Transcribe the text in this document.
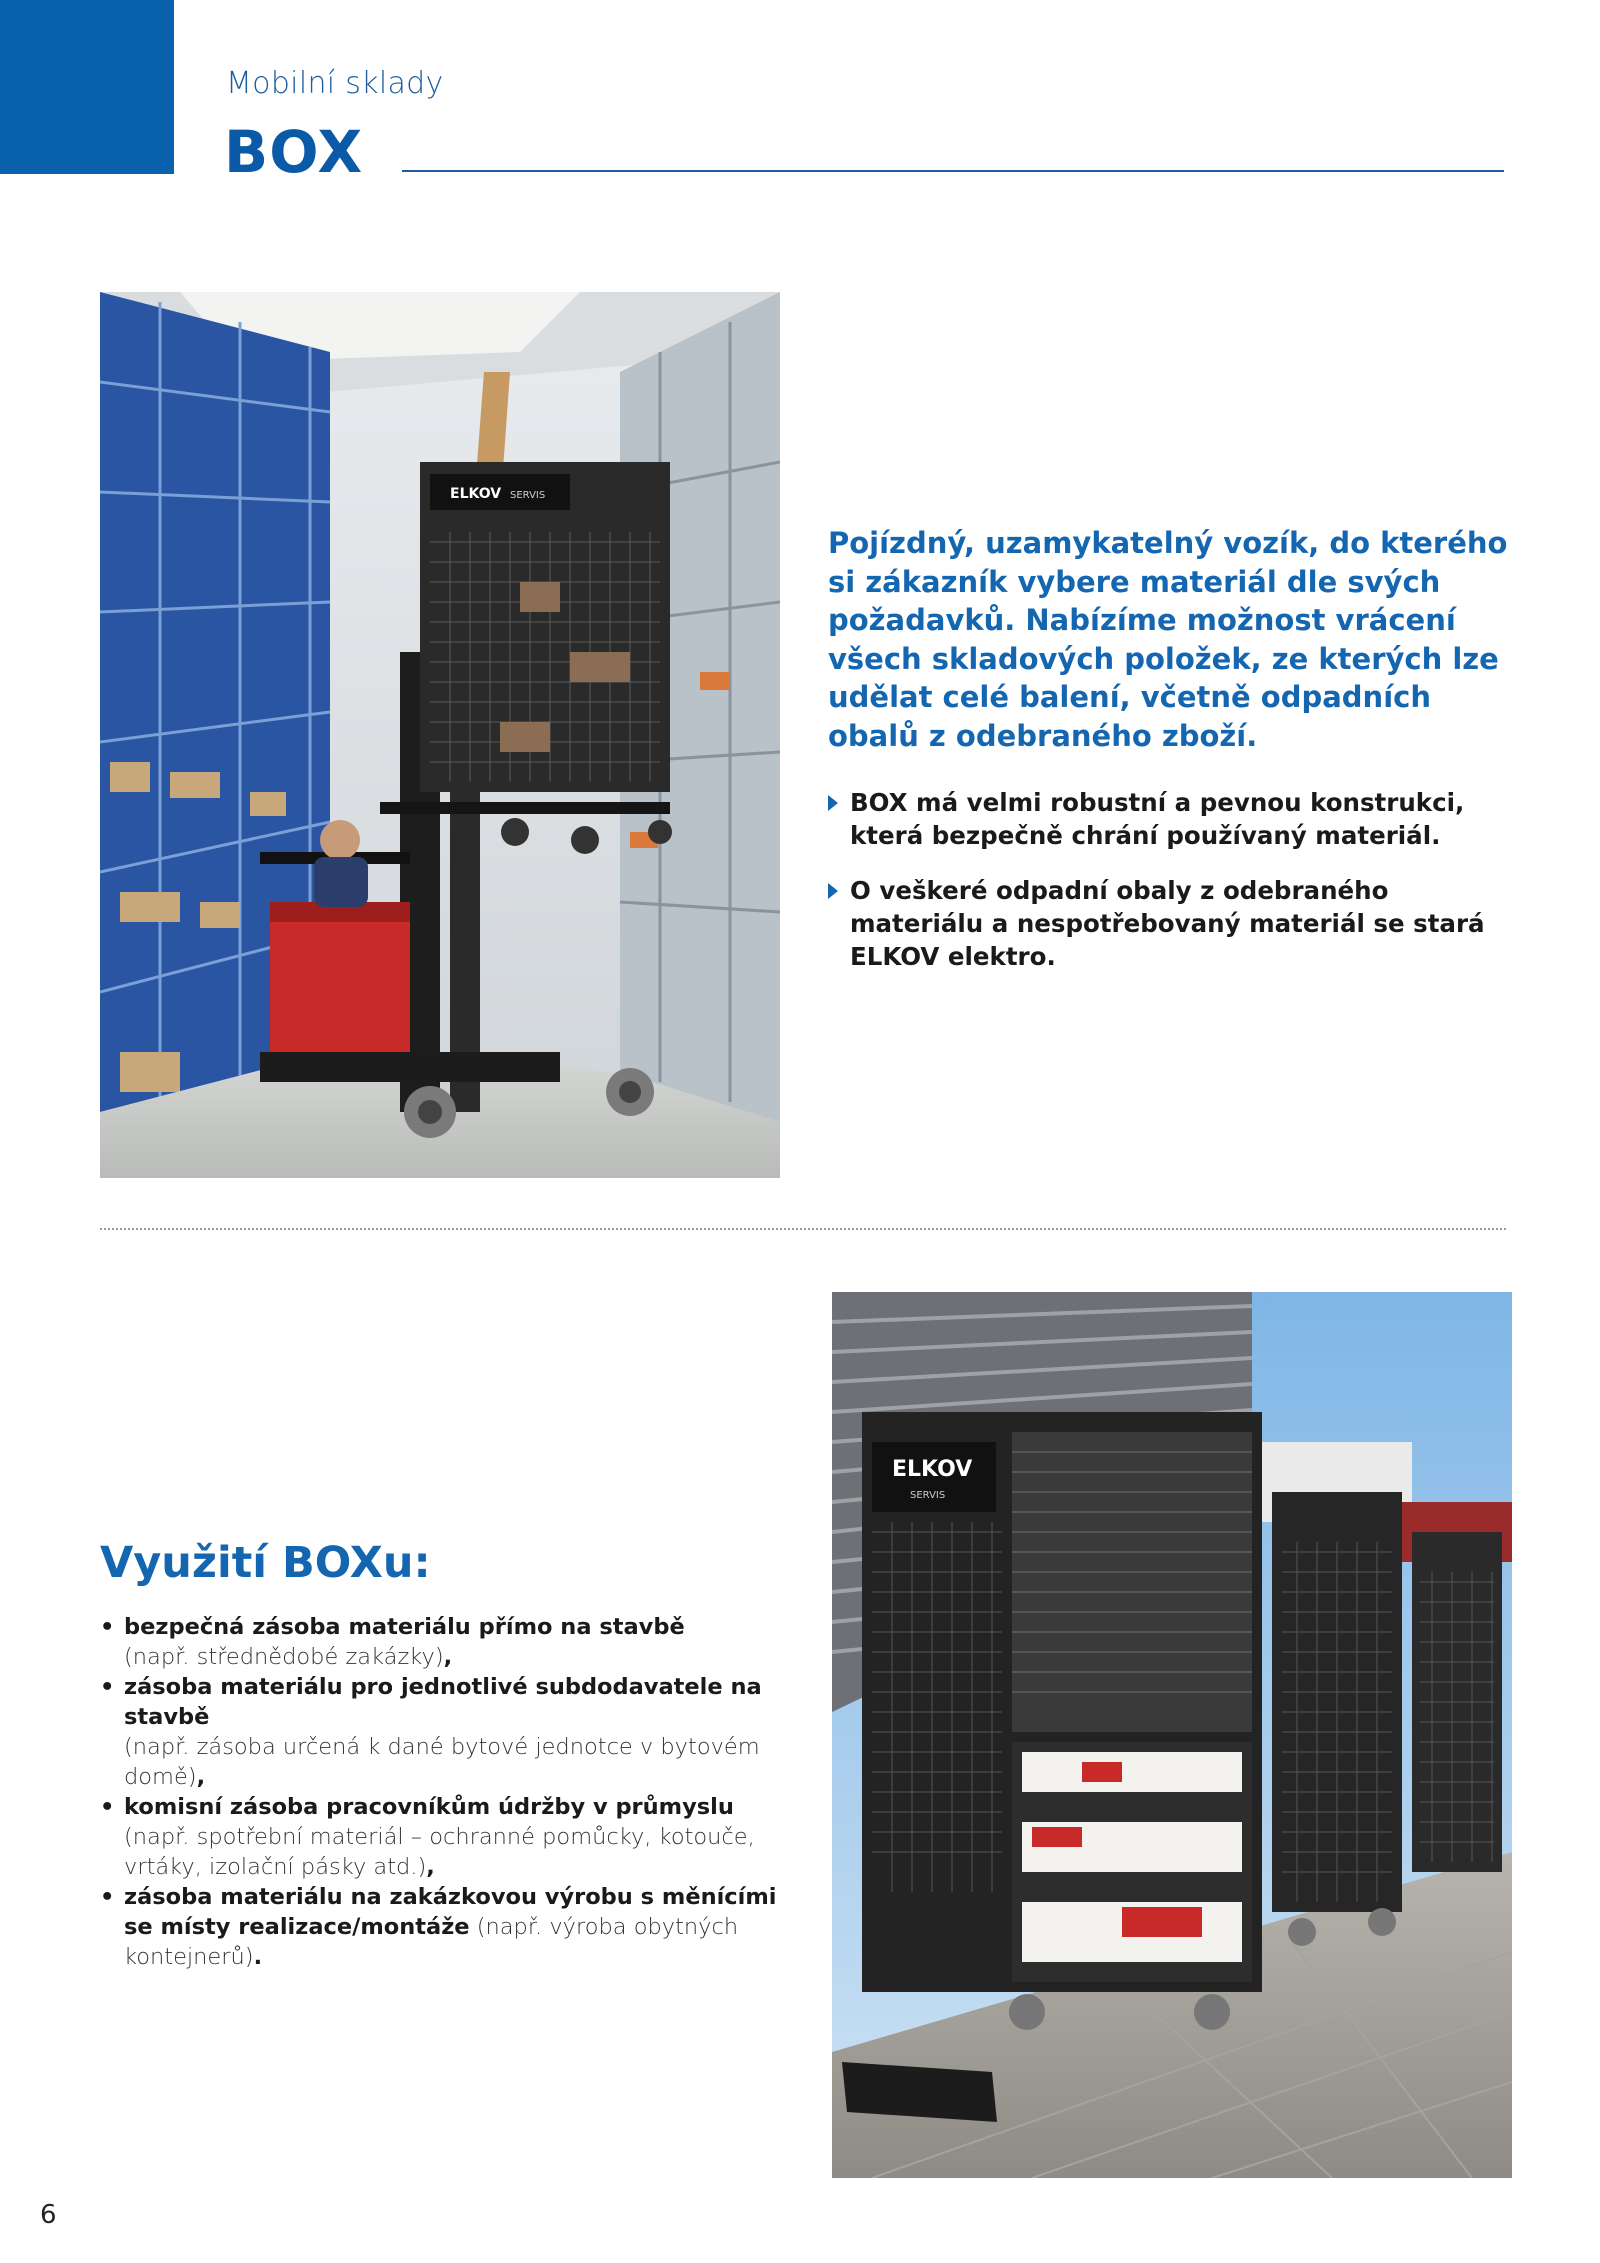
Mobilní sklady
BOX
ELKOV SERVIS
Pojízdný, uzamykatelný vozík, do kterého si zákazník vybere materiál dle svých požadavků. Nabízíme možnost vrácení všech skladových položek, ze kterých lze udělat celé balení, včetně odpadních obalů z odebraného zboží.
BOX má velmi robustní a pevnou konstrukci, která bezpečně chrání používaný materiál.
O veškeré odpadní obaly z odebraného materiálu a nespotřebovaný materiál se stará ELKOV elektro.
Využití BOXu:
• bezpečná zásoba materiálu přímo na stavbě
(např. střednědobé zakázky),
• zásoba materiálu pro jednotlivé subdodavatele na stavbě
(např. zásoba určená k dané bytové jednotce v bytovém domě),
• komisní zásoba pracovníkům údržby v průmyslu
(např. spotřební materiál – ochranné pomůcky, kotouče, vrtáky, izolační pásky atd.),
• zásoba materiálu na zakázkovou výrobu s měnícími se místy realizace/montáže (např. výroba obytných kontejnerů).
ELKOV
SERVIS
6
